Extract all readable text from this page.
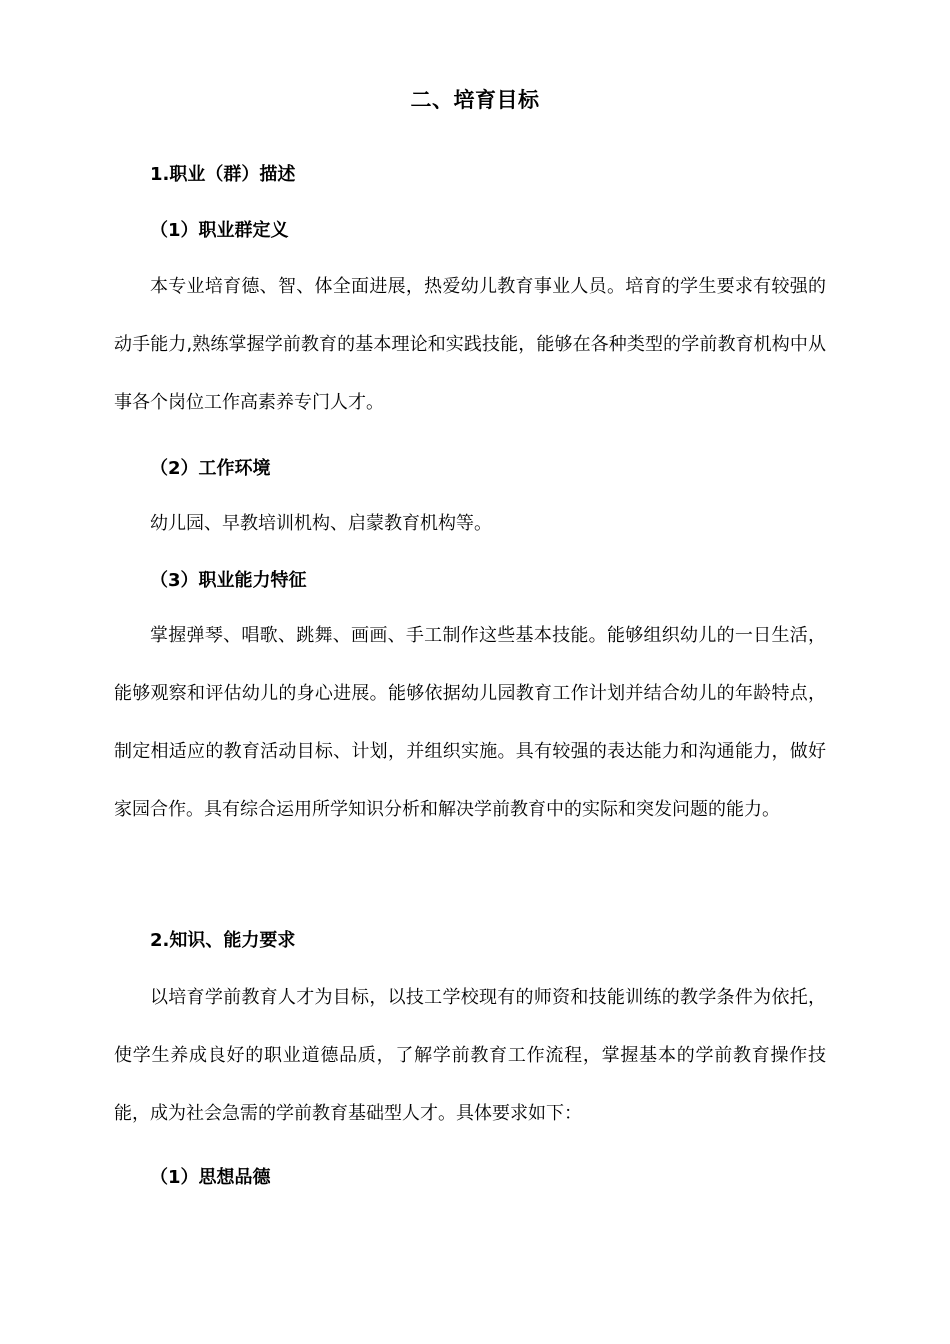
二、培育目标
1.职业（群）描述
（1）职业群定义

本专业培育德、智、体全面进展，热爱幼儿教育事业人员。培育的学生要求有较强的动手能力,熟练掌握学前教育的基本理论和实践技能，能够在各种类型的学前教育机构中从事各个岗位工作高素养专门人才。

（2）工作环境
幼儿园、早教培训机构、启蒙教育机构等。
（3）职业能力特征

掌握弹琴、唱歌、跳舞、画画、手工制作这些基本技能。能够组织幼儿的一日生活，能够观察和评估幼儿的身心进展。能够依据幼儿园教育工作计划并结合幼儿的年龄特点，制定相适应的教育活动目标、计划，并组织实施。具有较强的表达能力和沟通能力，做好家园合作。具有综合运用所学知识分析和解决学前教育中的实际和突发问题的能力。

2.知识、能力要求

以培育学前教育人才为目标，以技工学校现有的师资和技能训练的教学条件为依托，使学生养成良好的职业道德品质，了解学前教育工作流程，掌握基本的学前教育操作技能，成为社会急需的学前教育基础型人才。具体要求如下：

（1）思想品德
